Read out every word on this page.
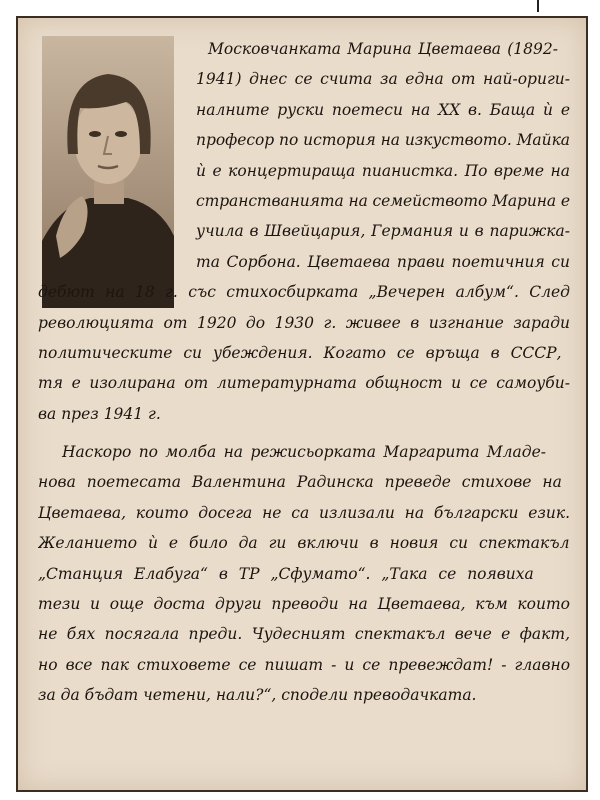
Московчанката Марина Цветаева (1892-
1941) днес се счита за една от най-ориги-
налните руски поетеси на XX в. Баща ѝ е
професор по история на изкуството. Майка
ѝ е концертираща пианистка. По време на
странстванията на семейството Марина е
учила в Швейцария, Германия и в парижка-
та Сорбона. Цветаева прави поетичния си
дебют на 18 г. със стихосбирката „Вечерен албум“. След
революцията от 1920 до 1930 г. живее в изгнание заради
политическите си убеждения. Когато се връща в СССР,
тя е изолирана от литературната общност и се самоуби-
ва през 1941 г.
Наскоро по молба на режисьорката Маргарита Младе-
нова поетесата Валентина Радинска преведе стихове на
Цветаева, които досега не са излизали на български език.
Желанието ѝ е било да ги включи в новия си спектакъл
„Станция Елабуга“ в ТР „Сфумато“. „Така се появиха
тези и още доста други преводи на Цветаева, към които
не бях посягала преди. Чудесният спектакъл вече е факт,
но все пак стиховете се пишат - и се превеждат! - главно
за да бъдат четени, нали?“, сподели преводачката.
